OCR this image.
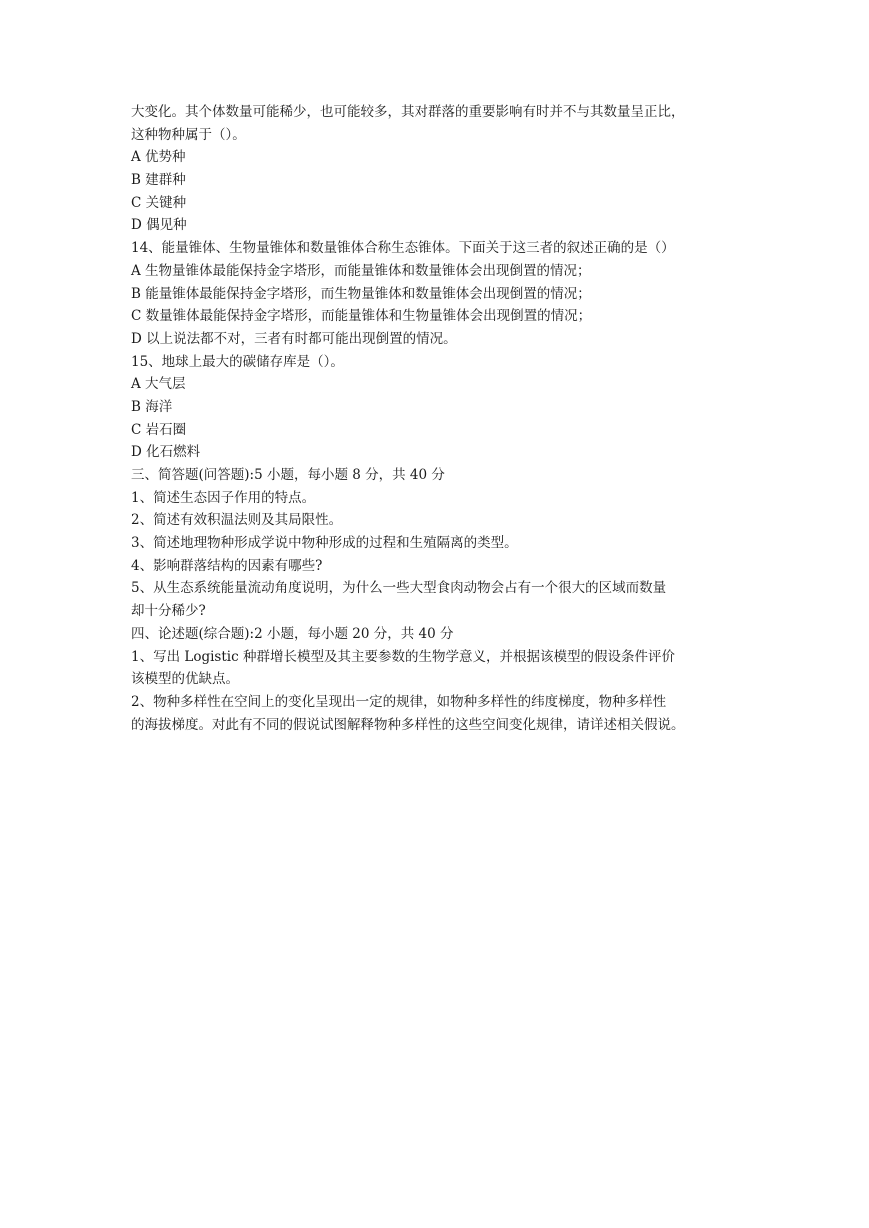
大变化。其个体数量可能稀少，也可能较多，其对群落的重要影响有时并不与其数量呈正比，
这种物种属于（）。
A 优势种
B 建群种
C 关键种
D 偶见种
14、能量锥体、生物量锥体和数量锥体合称生态锥体。下面关于这三者的叙述正确的是（）
A 生物量锥体最能保持金字塔形，而能量锥体和数量锥体会出现倒置的情况；
B 能量锥体最能保持金字塔形，而生物量锥体和数量锥体会出现倒置的情况；
C 数量锥体最能保持金字塔形，而能量锥体和生物量锥体会出现倒置的情况；
D 以上说法都不对，三者有时都可能出现倒置的情况。
15、地球上最大的碳储存库是（）。
A 大气层
B 海洋
C 岩石圈
D 化石燃料
三、简答题(问答题):5 小题，每小题 8 分，共 40 分
1、简述生态因子作用的特点。
2、简述有效积温法则及其局限性。
3、简述地理物种形成学说中物种形成的过程和生殖隔离的类型。
4、影响群落结构的因素有哪些?
5、从生态系统能量流动角度说明，为什么一些大型食肉动物会占有一个很大的区域而数量
却十分稀少?
四、论述题(综合题):2 小题，每小题 20 分，共 40 分
1、写出 Logistic 种群增长模型及其主要参数的生物学意义，并根据该模型的假设条件评价
该模型的优缺点。
2、物种多样性在空间上的变化呈现出一定的规律，如物种多样性的纬度梯度，物种多样性
的海拔梯度。对此有不同的假说试图解释物种多样性的这些空间变化规律，请详述相关假说。
